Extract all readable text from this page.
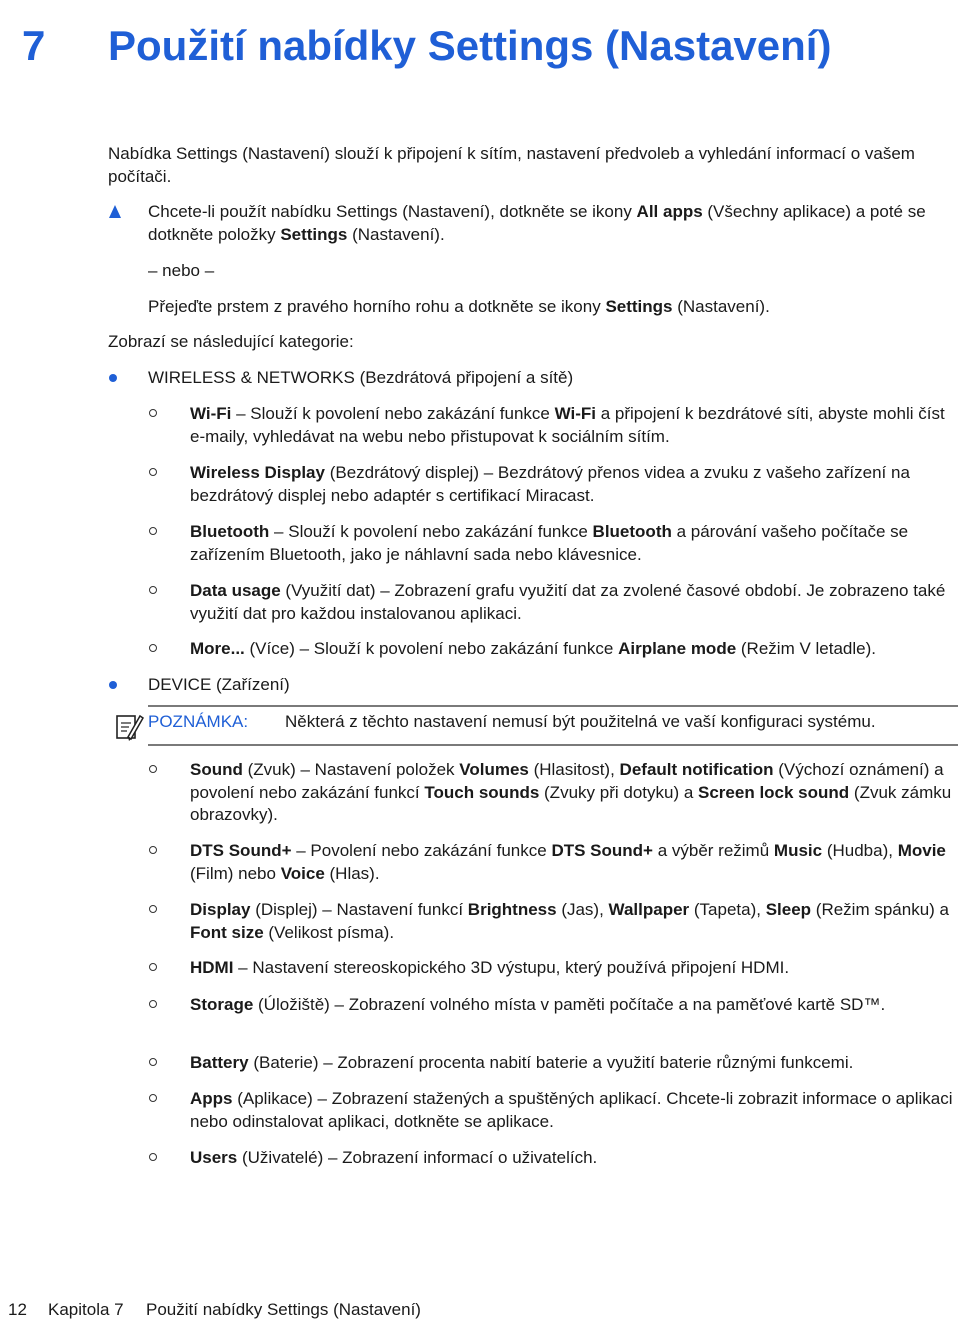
7 Použití nabídky Settings (Nastavení)

Nabídka Settings (Nastavení) slouží k připojení k sítím, nastavení předvoleb a vyhledání informací o vašem počítači.

Chcete-li použít nabídku Settings (Nastavení), dotkněte se ikony All apps (Všechny aplikace) a poté se dotkněte položky Settings (Nastavení).

– nebo –

Přejeďte prstem z pravého horního rohu a dotkněte se ikony Settings (Nastavení).

Zobrazí se následující kategorie:

WIRELESS & NETWORKS (Bezdrátová připojení a sítě)

Wi-Fi – Slouží k povolení nebo zakázání funkce Wi-Fi a připojení k bezdrátové síti, abyste mohli číst e-maily, vyhledávat na webu nebo přistupovat k sociálním sítím.

Wireless Display (Bezdrátový displej) – Bezdrátový přenos videa a zvuku z vašeho zařízení na bezdrátový displej nebo adaptér s certifikací Miracast.

Bluetooth – Slouží k povolení nebo zakázání funkce Bluetooth a párování vašeho počítače se zařízením Bluetooth, jako je náhlavní sada nebo klávesnice.

Data usage (Využití dat) – Zobrazení grafu využití dat za zvolené časové období. Je zobrazeno také využití dat pro každou instalovanou aplikaci.

More... (Více) – Slouží k povolení nebo zakázání funkce Airplane mode (Režim V letadle).

DEVICE (Zařízení)

POZNÁMKA: Některá z těchto nastavení nemusí být použitelná ve vaší konfiguraci systému.

Sound (Zvuk) – Nastavení položek Volumes (Hlasitost), Default notification (Výchozí oznámení) a povolení nebo zakázání funkcí Touch sounds (Zvuky při dotyku) a Screen lock sound (Zvuk zámku obrazovky).

DTS Sound+ – Povolení nebo zakázání funkce DTS Sound+ a výběr režimů Music (Hudba), Movie (Film) nebo Voice (Hlas).

Display (Displej) – Nastavení funkcí Brightness (Jas), Wallpaper (Tapeta), Sleep (Režim spánku) a Font size (Velikost písma).

HDMI – Nastavení stereoskopického 3D výstupu, který používá připojení HDMI.

Storage (Úložiště) – Zobrazení volného místa v paměti počítače a na paměťové kartě SD™.

Battery (Baterie) – Zobrazení procenta nabití baterie a využití baterie různými funkcemi.

Apps (Aplikace) – Zobrazení stažených a spuštěných aplikací. Chcete-li zobrazit informace o aplikaci nebo odinstalovat aplikaci, dotkněte se aplikace.

Users (Uživatelé) – Zobrazení informací o uživatelích.

12 Kapitola 7 Použití nabídky Settings (Nastavení)
